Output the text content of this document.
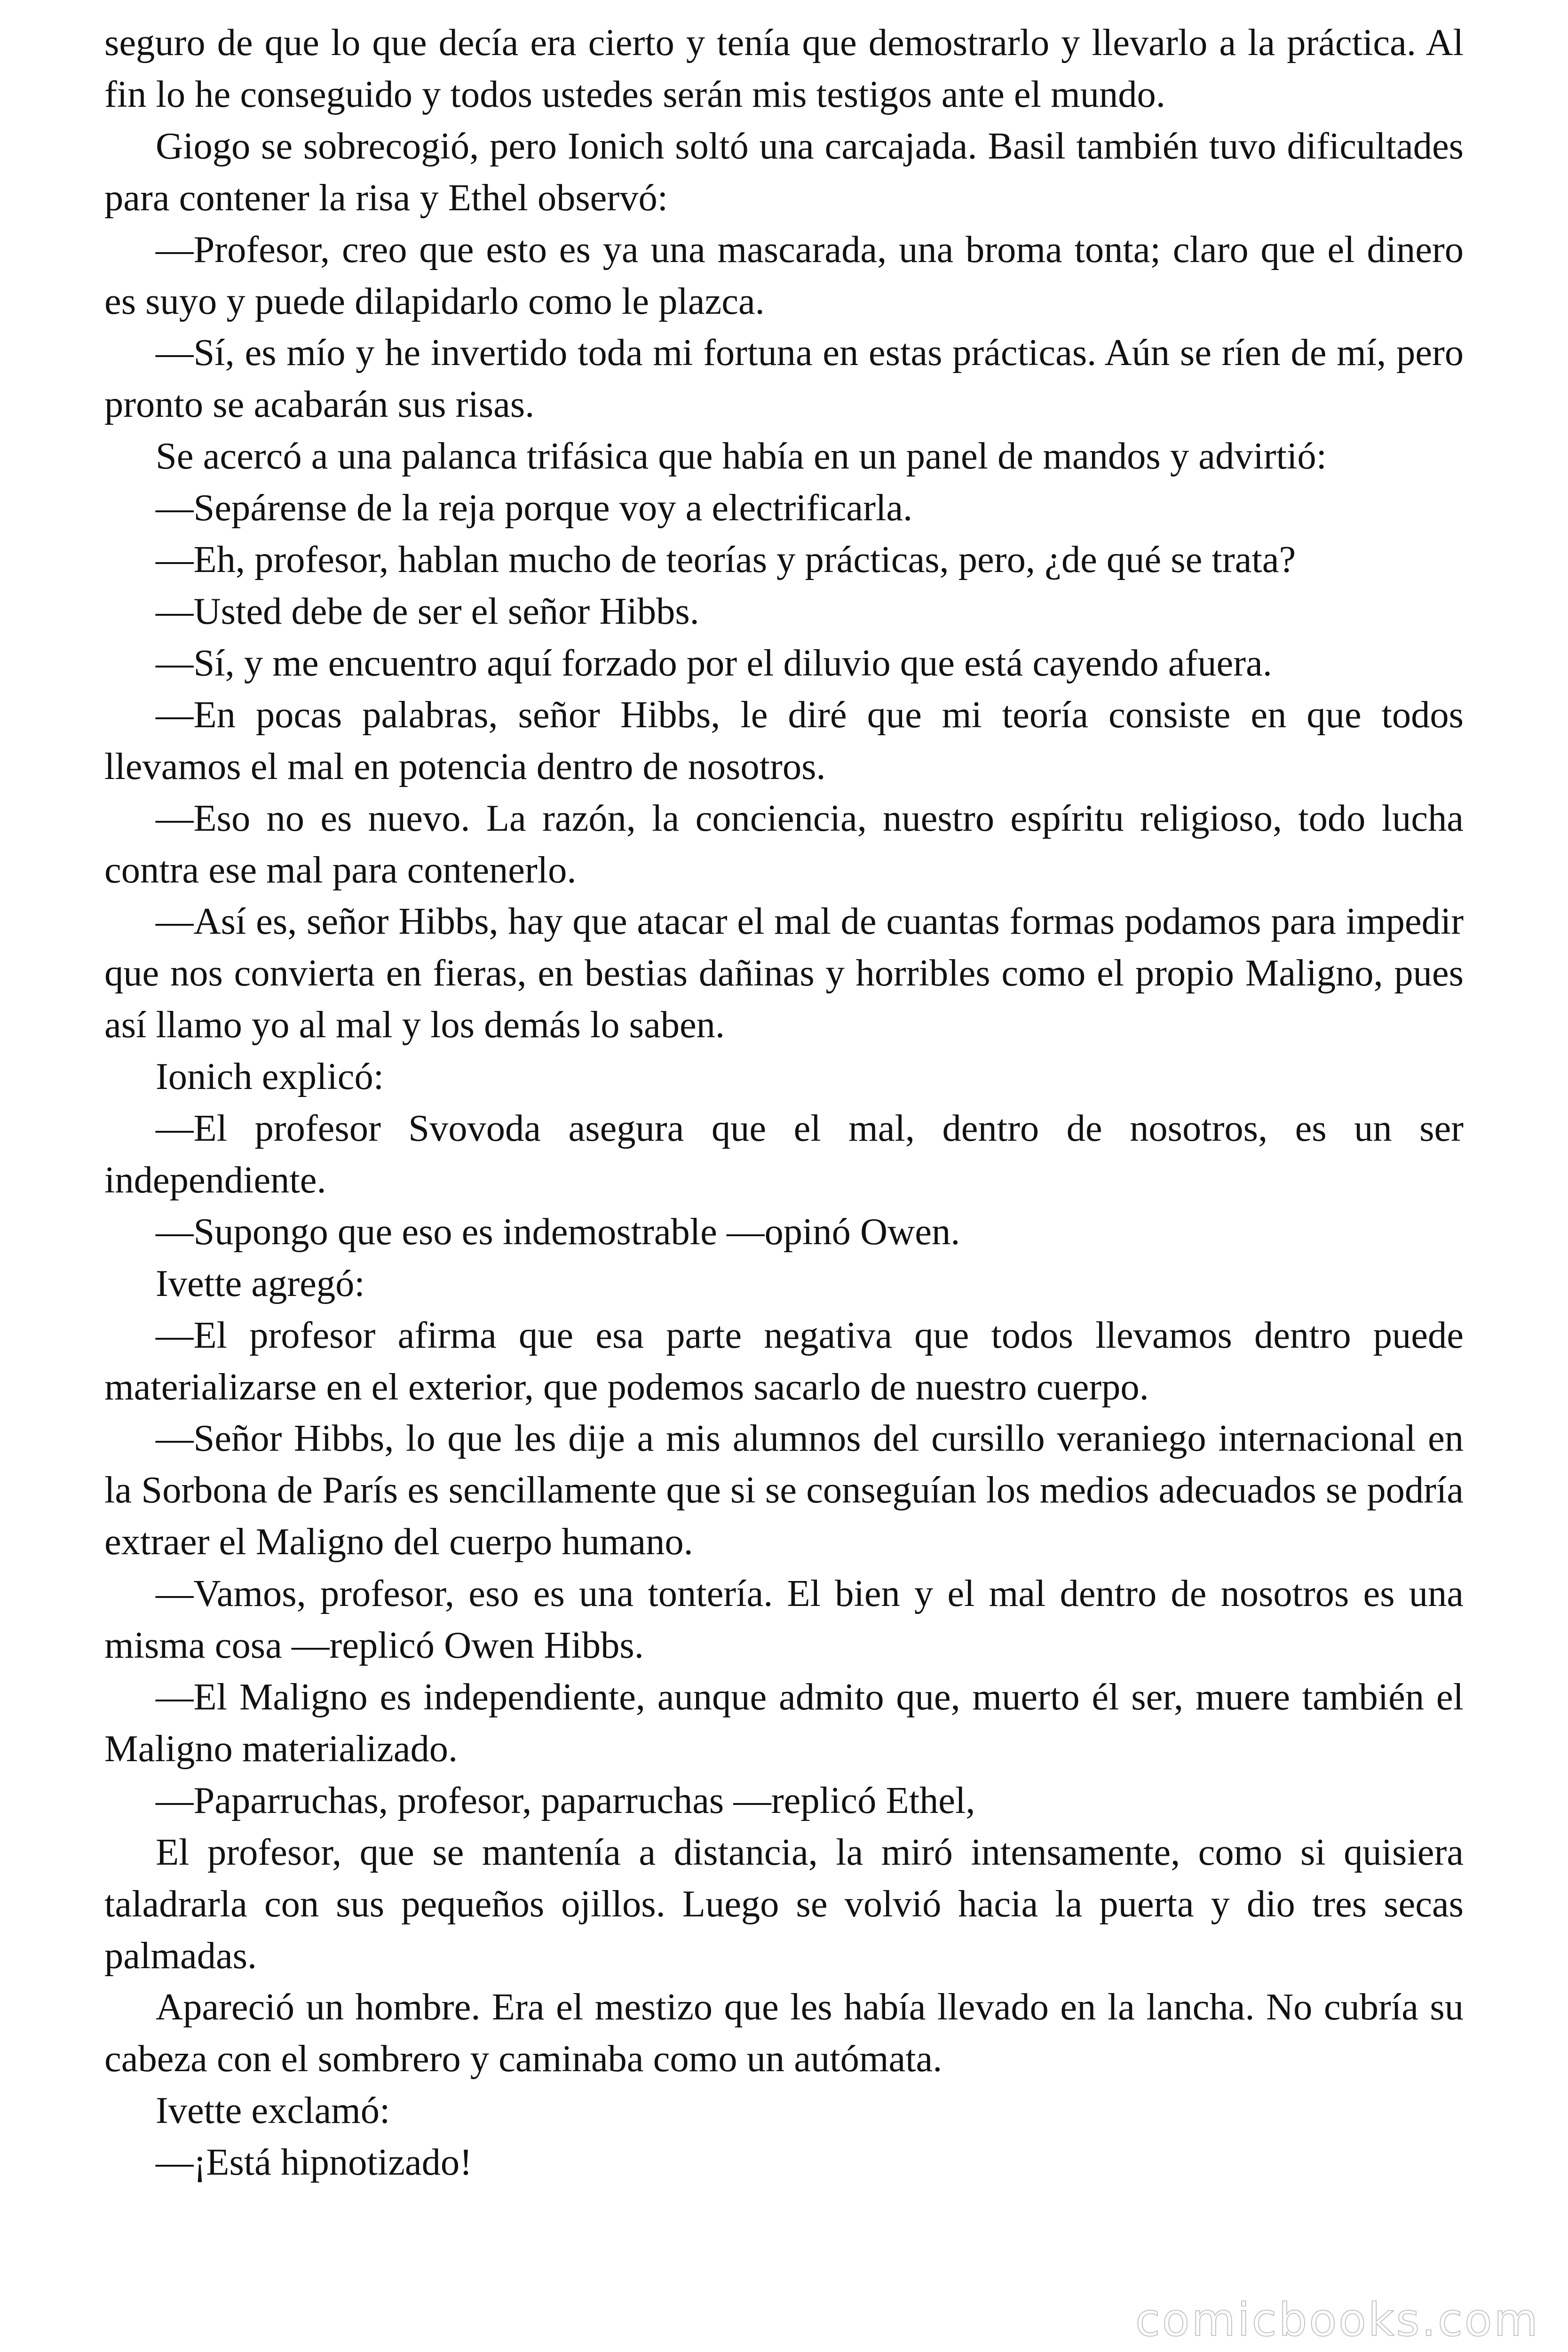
seguro de que lo que decía era cierto y tenía que demostrarlo y llevarlo a la práctica. Al fin lo he conseguido y todos ustedes serán mis testigos ante el mundo.

Giogo se sobrecogió, pero Ionich soltó una carcajada. Basil también tuvo dificultades para contener la risa y Ethel observó:

—Profesor, creo que esto es ya una mascarada, una broma tonta; claro que el dinero es suyo y puede dilapidarlo como le plazca.

—Sí, es mío y he invertido toda mi fortuna en estas prácticas. Aún se ríen de mí, pero pronto se acabarán sus risas.

Se acercó a una palanca trifásica que había en un panel de mandos y advirtió:

—Sepárense de la reja porque voy a electrificarla.

—Eh, profesor, hablan mucho de teorías y prácticas, pero, ¿de qué se trata?

—Usted debe de ser el señor Hibbs.

—Sí, y me encuentro aquí forzado por el diluvio que está cayendo afuera.

—En pocas palabras, señor Hibbs, le diré que mi teoría consiste en que todos llevamos el mal en potencia dentro de nosotros.

—Eso no es nuevo. La razón, la conciencia, nuestro espíritu religioso, todo lucha contra ese mal para contenerlo.

—Así es, señor Hibbs, hay que atacar el mal de cuantas formas podamos para impedir que nos convierta en fieras, en bestias dañinas y horribles como el propio Maligno, pues así llamo yo al mal y los demás lo saben.

Ionich explicó:

—El profesor Svovoda asegura que el mal, dentro de nosotros, es un ser independiente.

—Supongo que eso es indemostrable —opinó Owen.

Ivette agregó:

—El profesor afirma que esa parte negativa que todos llevamos dentro puede materializarse en el exterior, que podemos sacarlo de nuestro cuerpo.

—Señor Hibbs, lo que les dije a mis alumnos del cursillo veraniego internacional en la Sorbona de París es sencillamente que si se conseguían los medios adecuados se podría extraer el Maligno del cuerpo humano.

—Vamos, profesor, eso es una tontería. El bien y el mal dentro de nosotros es una misma cosa —replicó Owen Hibbs.

—El Maligno es independiente, aunque admito que, muerto él ser, muere también el Maligno materializado.

—Paparruchas, profesor, paparruchas —replicó Ethel,

El profesor, que se mantenía a distancia, la miró intensamente, como si quisiera taladrarla con sus pequeños ojillos. Luego se volvió hacia la puerta y dio tres secas palmadas.

Apareció un hombre. Era el mestizo que les había llevado en la lancha. No cubría su cabeza con el sombrero y caminaba como un autómata.

Ivette exclamó:

—¡Está hipnotizado!

comicbooks.com
